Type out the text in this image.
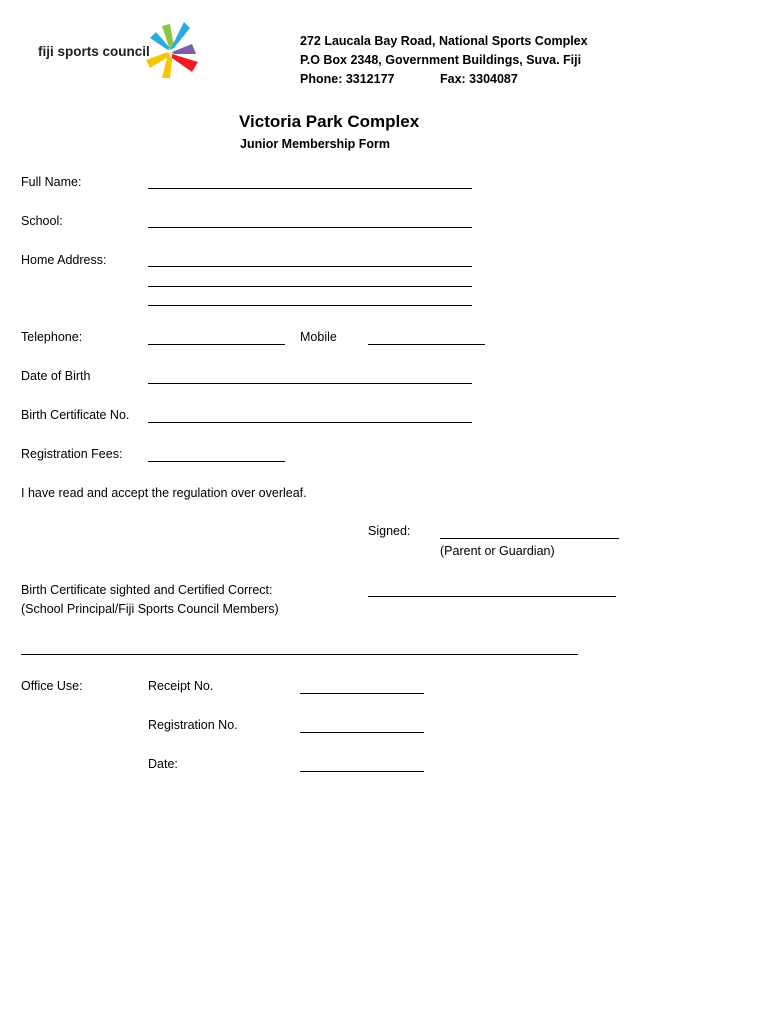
fiji sports council
272 Laucala Bay Road, National Sports Complex
P.O Box 2348, Government Buildings, Suva. Fiji
Phone: 3312177	Fax: 3304087
Victoria Park Complex
Junior Membership Form
Full Name:
School:
Home Address:
Telephone:	Mobile
Date of Birth
Birth Certificate No.
Registration Fees:
I have read and accept the regulation over overleaf.
Signed:
(Parent or Guardian)
Birth Certificate sighted and Certified Correct:
(School Principal/Fiji Sports Council Members)
Office Use:	Receipt No.
Registration No.
Date:
